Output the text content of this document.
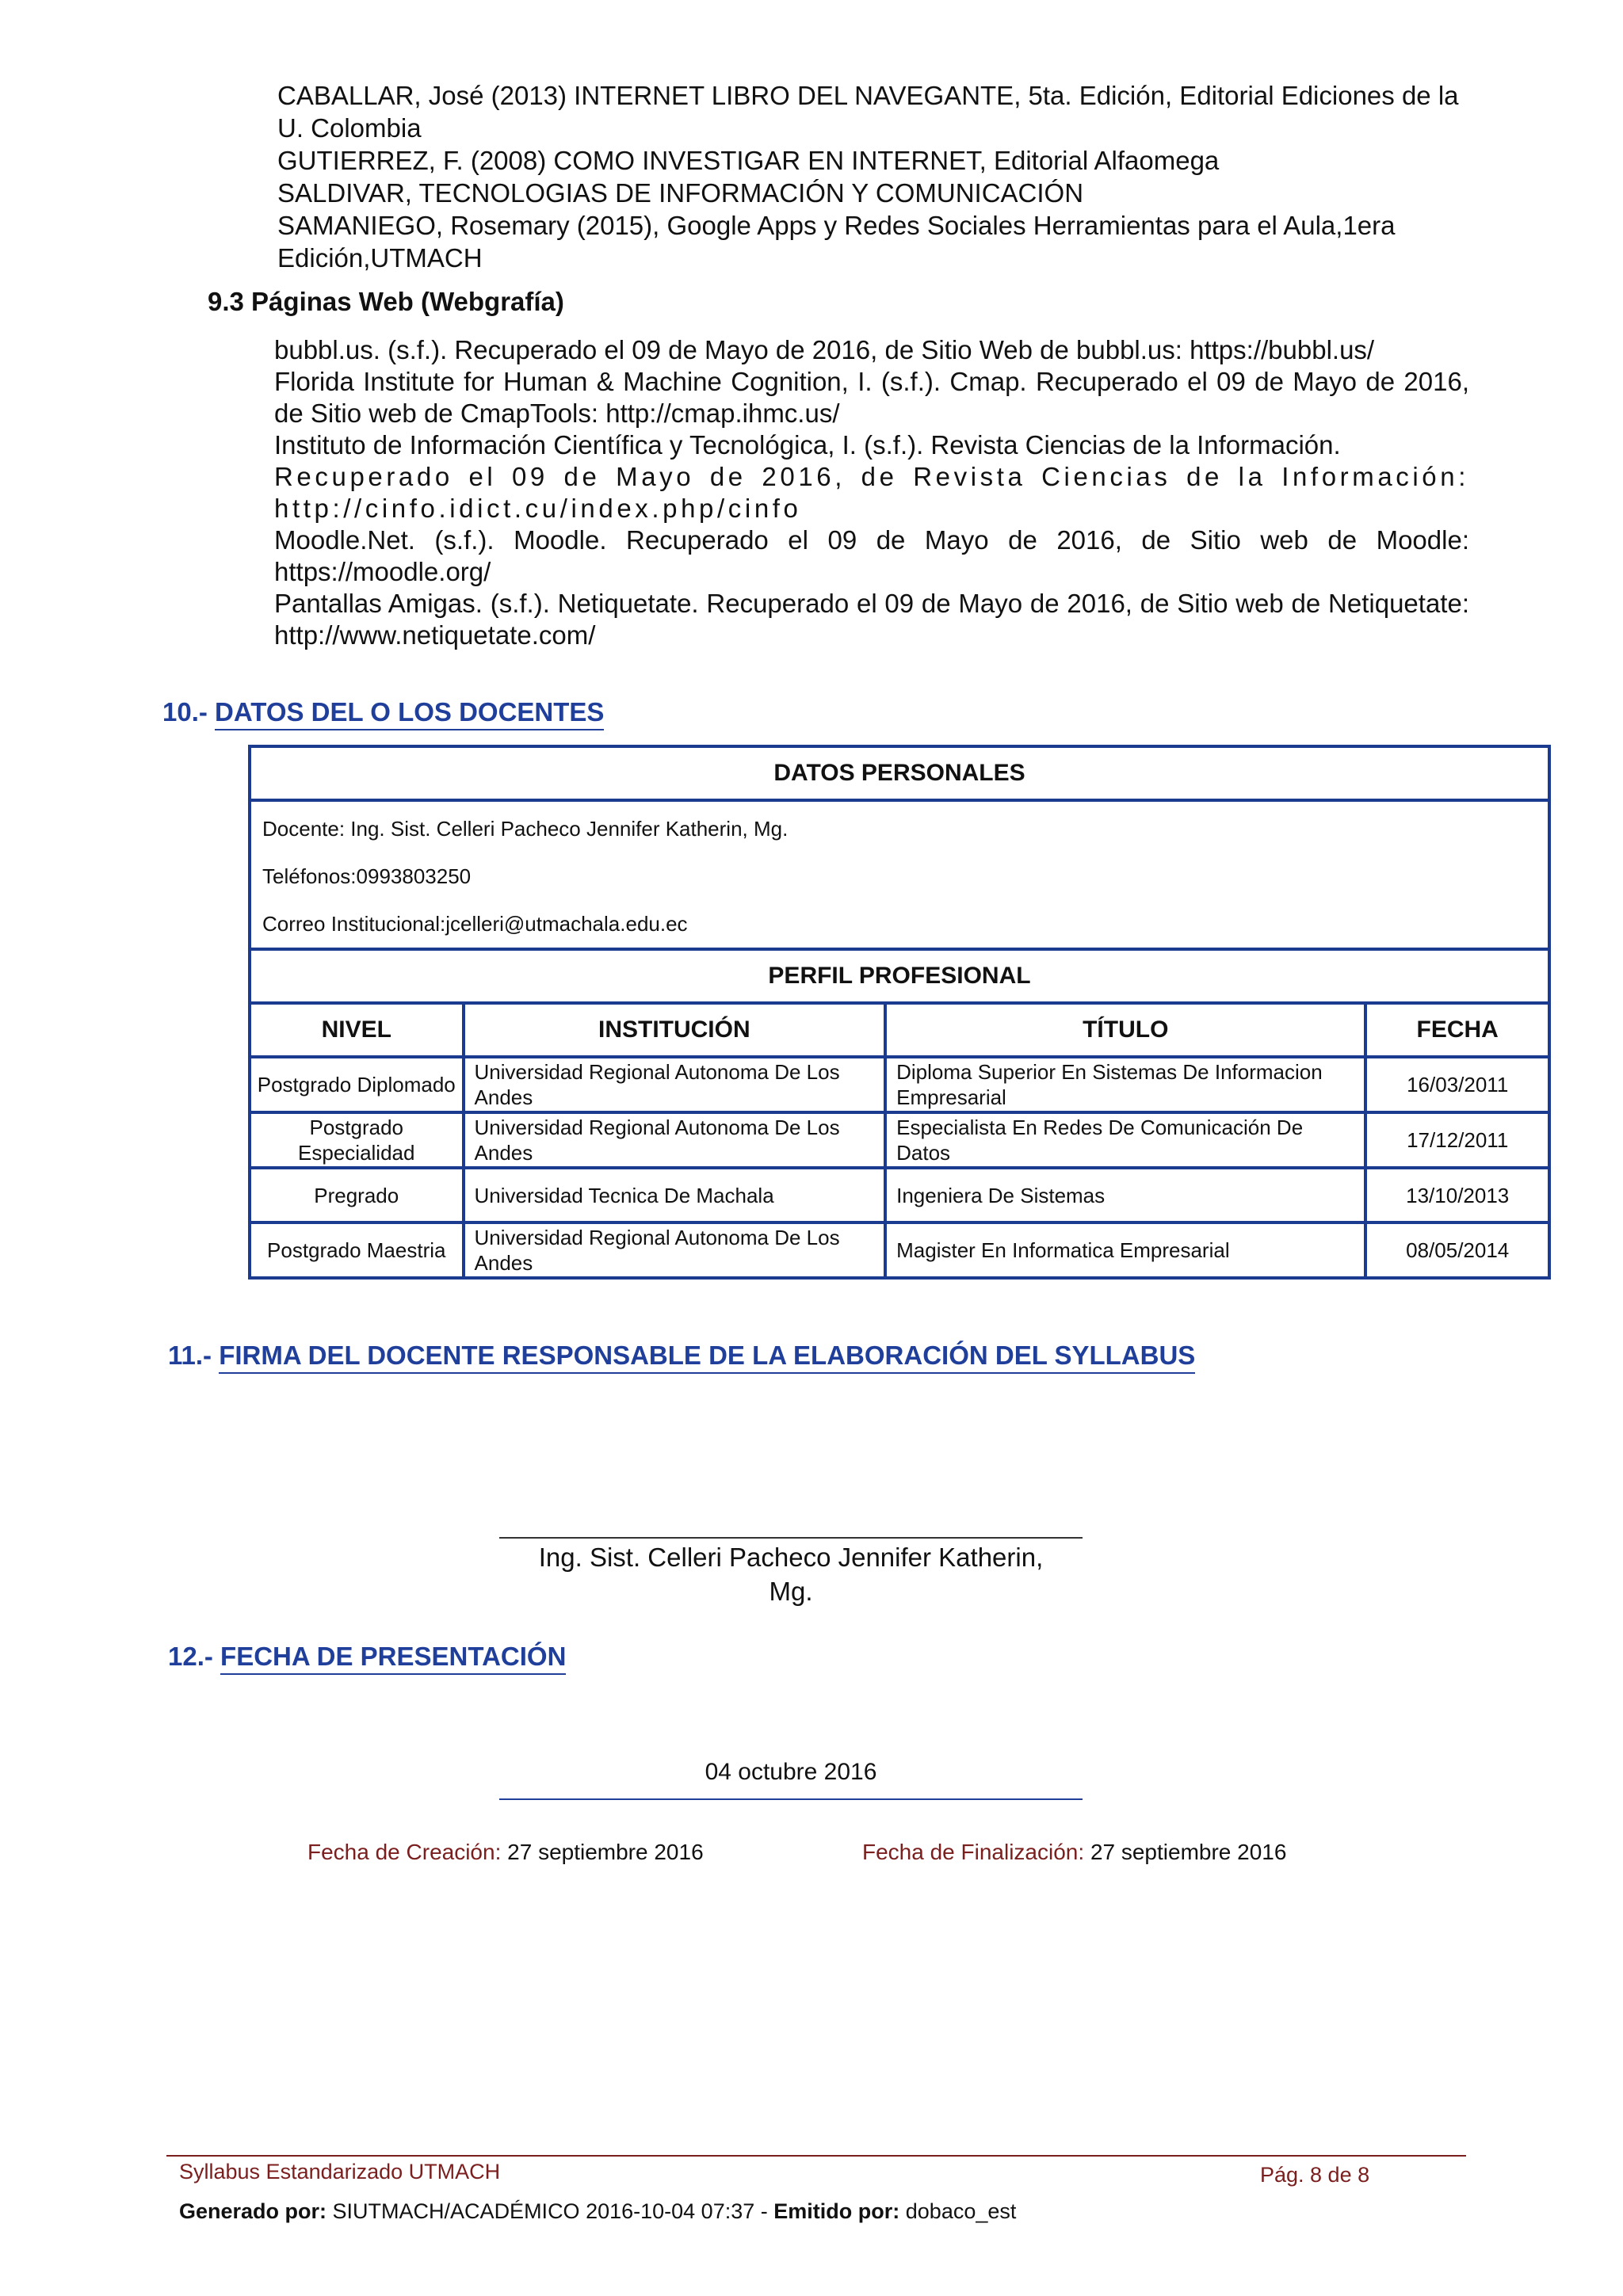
CABALLAR, José (2013) INTERNET LIBRO DEL NAVEGANTE, 5ta. Edición, Editorial Ediciones de la U. Colombia

GUTIERREZ, F. (2008) COMO INVESTIGAR EN INTERNET, Editorial Alfaomega

SALDIVAR, TECNOLOGIAS DE INFORMACIÓN Y COMUNICACIÓN

SAMANIEGO, Rosemary (2015), Google Apps y Redes Sociales Herramientas para el Aula,1era Edición,UTMACH

9.3 Páginas Web (Webgrafía)

bubbl.us. (s.f.). Recuperado el 09 de Mayo de 2016, de Sitio Web de bubbl.us: https://bubbl.us/

Florida Institute for Human & Machine Cognition, I. (s.f.). Cmap. Recuperado el 09 de Mayo de 2016, de Sitio web de CmapTools: http://cmap.ihmc.us/

Instituto de Información Científica y Tecnológica, I. (s.f.). Revista Ciencias de la Información.

Recuperado el 09 de Mayo de 2016, de Revista Ciencias de la Información: http://cinfo.idict.cu/index.php/cinfo

Moodle.Net. (s.f.). Moodle. Recuperado el 09 de Mayo de 2016, de Sitio web de Moodle: https://moodle.org/

Pantallas Amigas. (s.f.). Netiquetate. Recuperado el 09 de Mayo de 2016, de Sitio web de Netiquetate: http://www.netiquetate.com/

10.- DATOS DEL O LOS DOCENTES
DATOS PERSONALES			
Docente: Ing. Sist. Celleri Pacheco Jennifer Katherin, Mg.			
Teléfonos:0993803250			
Correo Institucional:jcelleri@utmachala.edu.ec			
PERFIL PROFESIONAL			
NIVEL	INSTITUCIÓN	TÍTULO	FECHA
Postgrado Diplomado	Universidad Regional Autonoma De Los Andes	Diploma Superior En Sistemas De Informacion Empresarial	16/03/2011
Postgrado Especialidad	Universidad Regional Autonoma De Los Andes	Especialista En Redes De Comunicación De Datos	17/12/2011
Pregrado	Universidad Tecnica De Machala	Ingeniera De Sistemas	13/10/2013
Postgrado Maestria	Universidad Regional Autonoma De Los Andes	Magister En Informatica Empresarial	08/05/2014
11.- FIRMA DEL DOCENTE RESPONSABLE DE LA ELABORACIÓN DEL SYLLABUS
Ing. Sist. Celleri Pacheco Jennifer Katherin,
Mg.
12.- FECHA DE PRESENTACIÓN
04 octubre 2016
Fecha de Creación: 27 septiembre 2016	Fecha de Finalización: 27 septiembre 2016
Syllabus Estandarizado UTMACH	Pág. 8 de 8
Generado por: SIUTMACH/ACADÉMICO 2016-10-04 07:37 - Emitido por: dobaco_est
